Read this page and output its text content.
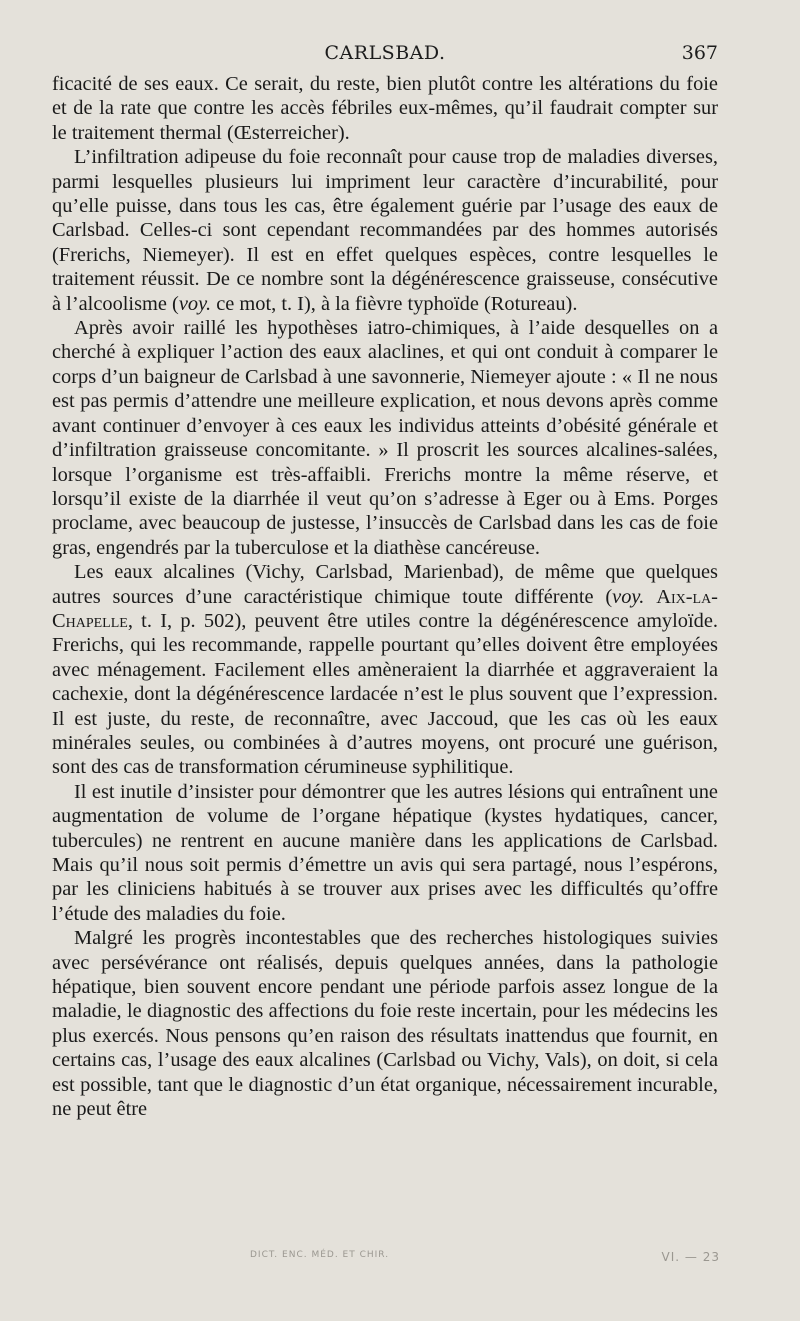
CARLSBAD.	367

ficacité de ses eaux. Ce serait, du reste, bien plutôt contre les altérations du foie et de la rate que contre les accès fébriles eux-mêmes, qu’il faudrait compter sur le traitement thermal (Œsterreicher).

L’infiltration adipeuse du foie reconnaît pour cause trop de maladies diverses, parmi lesquelles plusieurs lui impriment leur caractère d’incurabilité, pour qu’elle puisse, dans tous les cas, être également guérie par l’usage des eaux de Carlsbad. Celles-ci sont cependant recommandées par des hommes autorisés (Frerichs, Niemeyer). Il est en effet quelques espèces, contre lesquelles le traitement réussit. De ce nombre sont la dégénérescence graisseuse, consécutive à l’alcoolisme (voy. ce mot, t. I), à la fièvre typhoïde (Rotureau).

Après avoir raillé les hypothèses iatro-chimiques, à l’aide desquelles on a cherché à expliquer l’action des eaux alaclines, et qui ont conduit à comparer le corps d’un baigneur de Carlsbad à une savonnerie, Niemeyer ajoute : « Il ne nous est pas permis d’attendre une meilleure explication, et nous devons après comme avant continuer d’envoyer à ces eaux les individus atteints d’obésité générale et d’infiltration graisseuse concomitante. » Il proscrit les sources alcalines-salées, lorsque l’organisme est très-affaibli. Frerichs montre la même réserve, et lorsqu’il existe de la diarrhée il veut qu’on s’adresse à Eger ou à Ems. Porges proclame, avec beaucoup de justesse, l’insuccès de Carlsbad dans les cas de foie gras, engendrés par la tuberculose et la diathèse cancéreuse.

Les eaux alcalines (Vichy, Carlsbad, Marienbad), de même que quelques autres sources d’une caractéristique chimique toute différente (voy. Aix-la-Chapelle, t. I, p. 502), peuvent être utiles contre la dégénérescence amyloïde. Frerichs, qui les recommande, rappelle pourtant qu’elles doivent être employées avec ménagement. Facilement elles amèneraient la diarrhée et aggraveraient la cachexie, dont la dégénérescence lardacée n’est le plus souvent que l’expression. Il est juste, du reste, de reconnaître, avec Jaccoud, que les cas où les eaux minérales seules, ou combinées à d’autres moyens, ont procuré une guérison, sont des cas de transformation cérumineuse syphilitique.

Il est inutile d’insister pour démontrer que les autres lésions qui entraînent une augmentation de volume de l’organe hépatique (kystes hydatiques, cancer, tubercules) ne rentrent en aucune manière dans les applications de Carlsbad. Mais qu’il nous soit permis d’émettre un avis qui sera partagé, nous l’espérons, par les cliniciens habitués à se trouver aux prises avec les difficultés qu’offre l’étude des maladies du foie.

Malgré les progrès incontestables que des recherches histologiques suivies avec persévérance ont réalisés, depuis quelques années, dans la pathologie hépatique, bien souvent encore pendant une période parfois assez longue de la maladie, le diagnostic des affections du foie reste incertain, pour les médecins les plus exercés. Nous pensons qu’en raison des résultats inattendus que fournit, en certains cas, l’usage des eaux alcalines (Carlsbad ou Vichy, Vals), on doit, si cela est possible, tant que le diagnostic d’un état organique, nécessairement incurable, ne peut être

DICT. ENC. MÉD. ET CHIR.	VI. — 23
